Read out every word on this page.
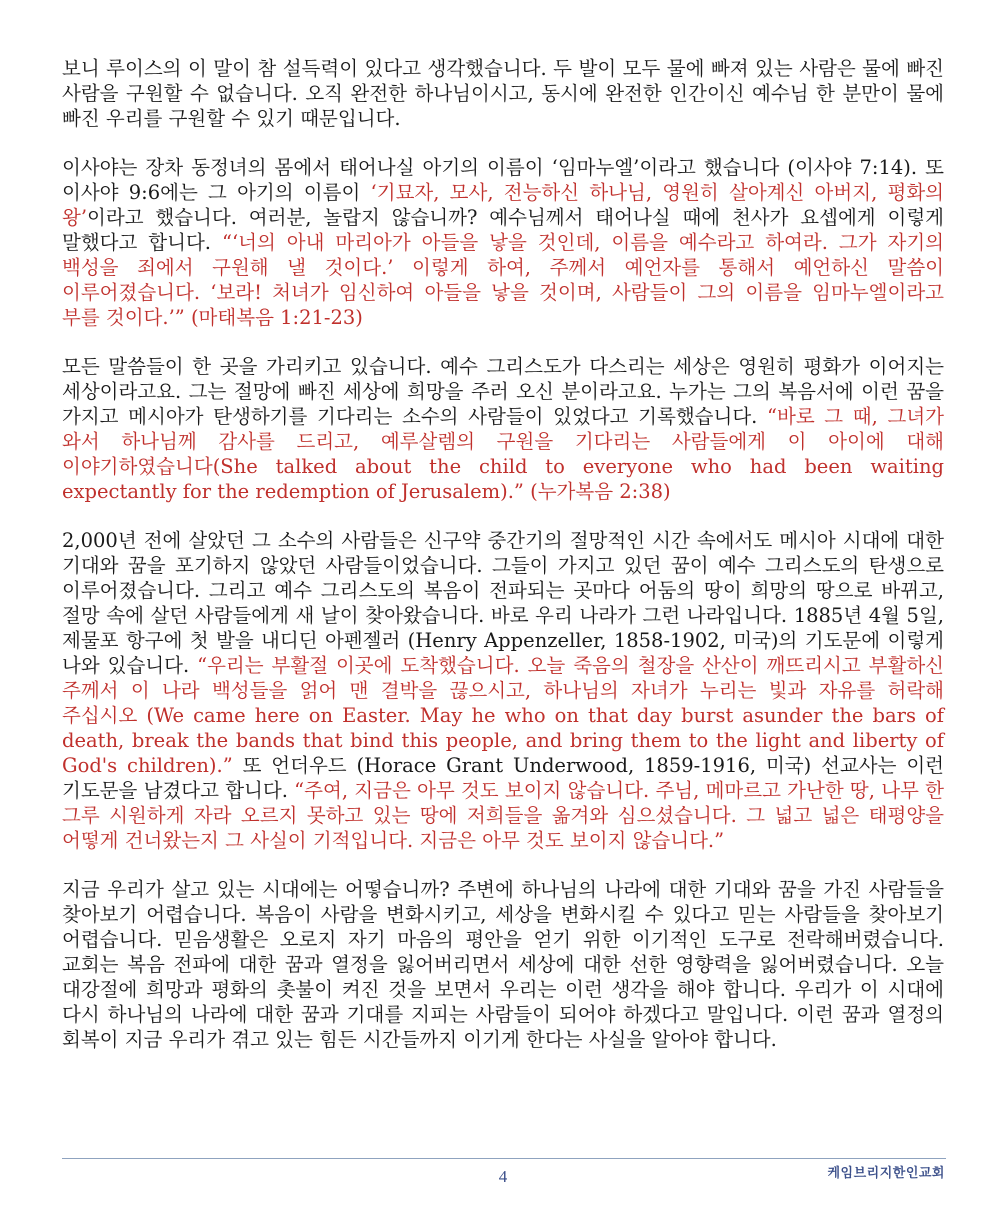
보니 루이스의 이 말이 참 설득력이 있다고 생각했습니다. 두 발이 모두 물에 빠져 있는 사람은 물에 빠진 사람을 구원할 수 없습니다. 오직 완전한 하나님이시고, 동시에 완전한 인간이신 예수님 한 분만이 물에 빠진 우리를 구원할 수 있기 때문입니다.

이사야는 장차 동정녀의 몸에서 태어나실 아기의 이름이 ‘임마누엘’이라고 했습니다 (이사야 7:14). 또 이사야 9:6에는 그 아기의 이름이 ‘기묘자, 모사, 전능하신 하나님, 영원히 살아계신 아버지, 평화의 왕’이라고 했습니다. 여러분, 놀랍지 않습니까? 예수님께서 태어나실 때에 천사가 요셉에게 이렇게 말했다고 합니다. “‘너의 아내 마리아가 아들을 낳을 것인데, 이름을 예수라고 하여라. 그가 자기의 백성을 죄에서 구원해 낼 것이다.’ 이렇게 하여, 주께서 예언자를 통해서 예언하신 말씀이 이루어졌습니다. ‘보라! 처녀가 임신하여 아들을 낳을 것이며, 사람들이 그의 이름을 임마누엘이라고 부를 것이다.’” (마태복음 1:21-23)

모든 말씀들이 한 곳을 가리키고 있습니다. 예수 그리스도가 다스리는 세상은 영원히 평화가 이어지는 세상이라고요. 그는 절망에 빠진 세상에 희망을 주러 오신 분이라고요. 누가는 그의 복음서에 이런 꿈을 가지고 메시아가 탄생하기를 기다리는 소수의 사람들이 있었다고 기록했습니다. “바로 그 때, 그녀가 와서 하나님께 감사를 드리고, 예루살렘의 구원을 기다리는 사람들에게 이 아이에 대해 이야기하였습니다(She talked about the child to everyone who had been waiting expectantly for the redemption of Jerusalem).” (누가복음 2:38)

2,000년 전에 살았던 그 소수의 사람들은 신구약 중간기의 절망적인 시간 속에서도 메시아 시대에 대한 기대와 꿈을 포기하지 않았던 사람들이었습니다. 그들이 가지고 있던 꿈이 예수 그리스도의 탄생으로 이루어졌습니다. 그리고 예수 그리스도의 복음이 전파되는 곳마다 어둠의 땅이 희망의 땅으로 바뀌고, 절망 속에 살던 사람들에게 새 날이 찾아왔습니다. 바로 우리 나라가 그런 나라입니다. 1885년 4월 5일, 제물포 항구에 첫 발을 내디딘 아펜젤러 (Henry Appenzeller, 1858-1902, 미국)의 기도문에 이렇게 나와 있습니다. “우리는 부활절 이곳에 도착했습니다. 오늘 죽음의 철장을 산산이 깨뜨리시고 부활하신 주께서 이 나라 백성들을 얽어 맨 결박을 끊으시고, 하나님의 자녀가 누리는 빛과 자유를 허락해 주십시오 (We came here on Easter. May he who on that day burst asunder the bars of death, break the bands that bind this people, and bring them to the light and liberty of God's children).” 또 언더우드 (Horace Grant Underwood, 1859-1916, 미국) 선교사는 이런 기도문을 남겼다고 합니다. “주여, 지금은 아무 것도 보이지 않습니다. 주님, 메마르고 가난한 땅, 나무 한 그루 시원하게 자라 오르지 못하고 있는 땅에 저희들을 옮겨와 심으셨습니다. 그 넓고 넓은 태평양을 어떻게 건너왔는지 그 사실이 기적입니다. 지금은 아무 것도 보이지 않습니다.”

지금 우리가 살고 있는 시대에는 어떻습니까? 주변에 하나님의 나라에 대한 기대와 꿈을 가진 사람들을 찾아보기 어렵습니다. 복음이 사람을 변화시키고, 세상을 변화시킬 수 있다고 믿는 사람들을 찾아보기 어렵습니다. 믿음생활은 오로지 자기 마음의 평안을 얻기 위한 이기적인 도구로 전락해버렸습니다. 교회는 복음 전파에 대한 꿈과 열정을 잃어버리면서 세상에 대한 선한 영향력을 잃어버렸습니다. 오늘 대강절에 희망과 평화의 촛불이 켜진 것을 보면서 우리는 이런 생각을 해야 합니다. 우리가 이 시대에 다시 하나님의 나라에 대한 꿈과 기대를 지피는 사람들이 되어야 하겠다고 말입니다. 이런 꿈과 열정의 회복이 지금 우리가 겪고 있는 힘든 시간들까지 이기게 한다는 사실을 알아야 합니다.

4	케임브리지한인교회
